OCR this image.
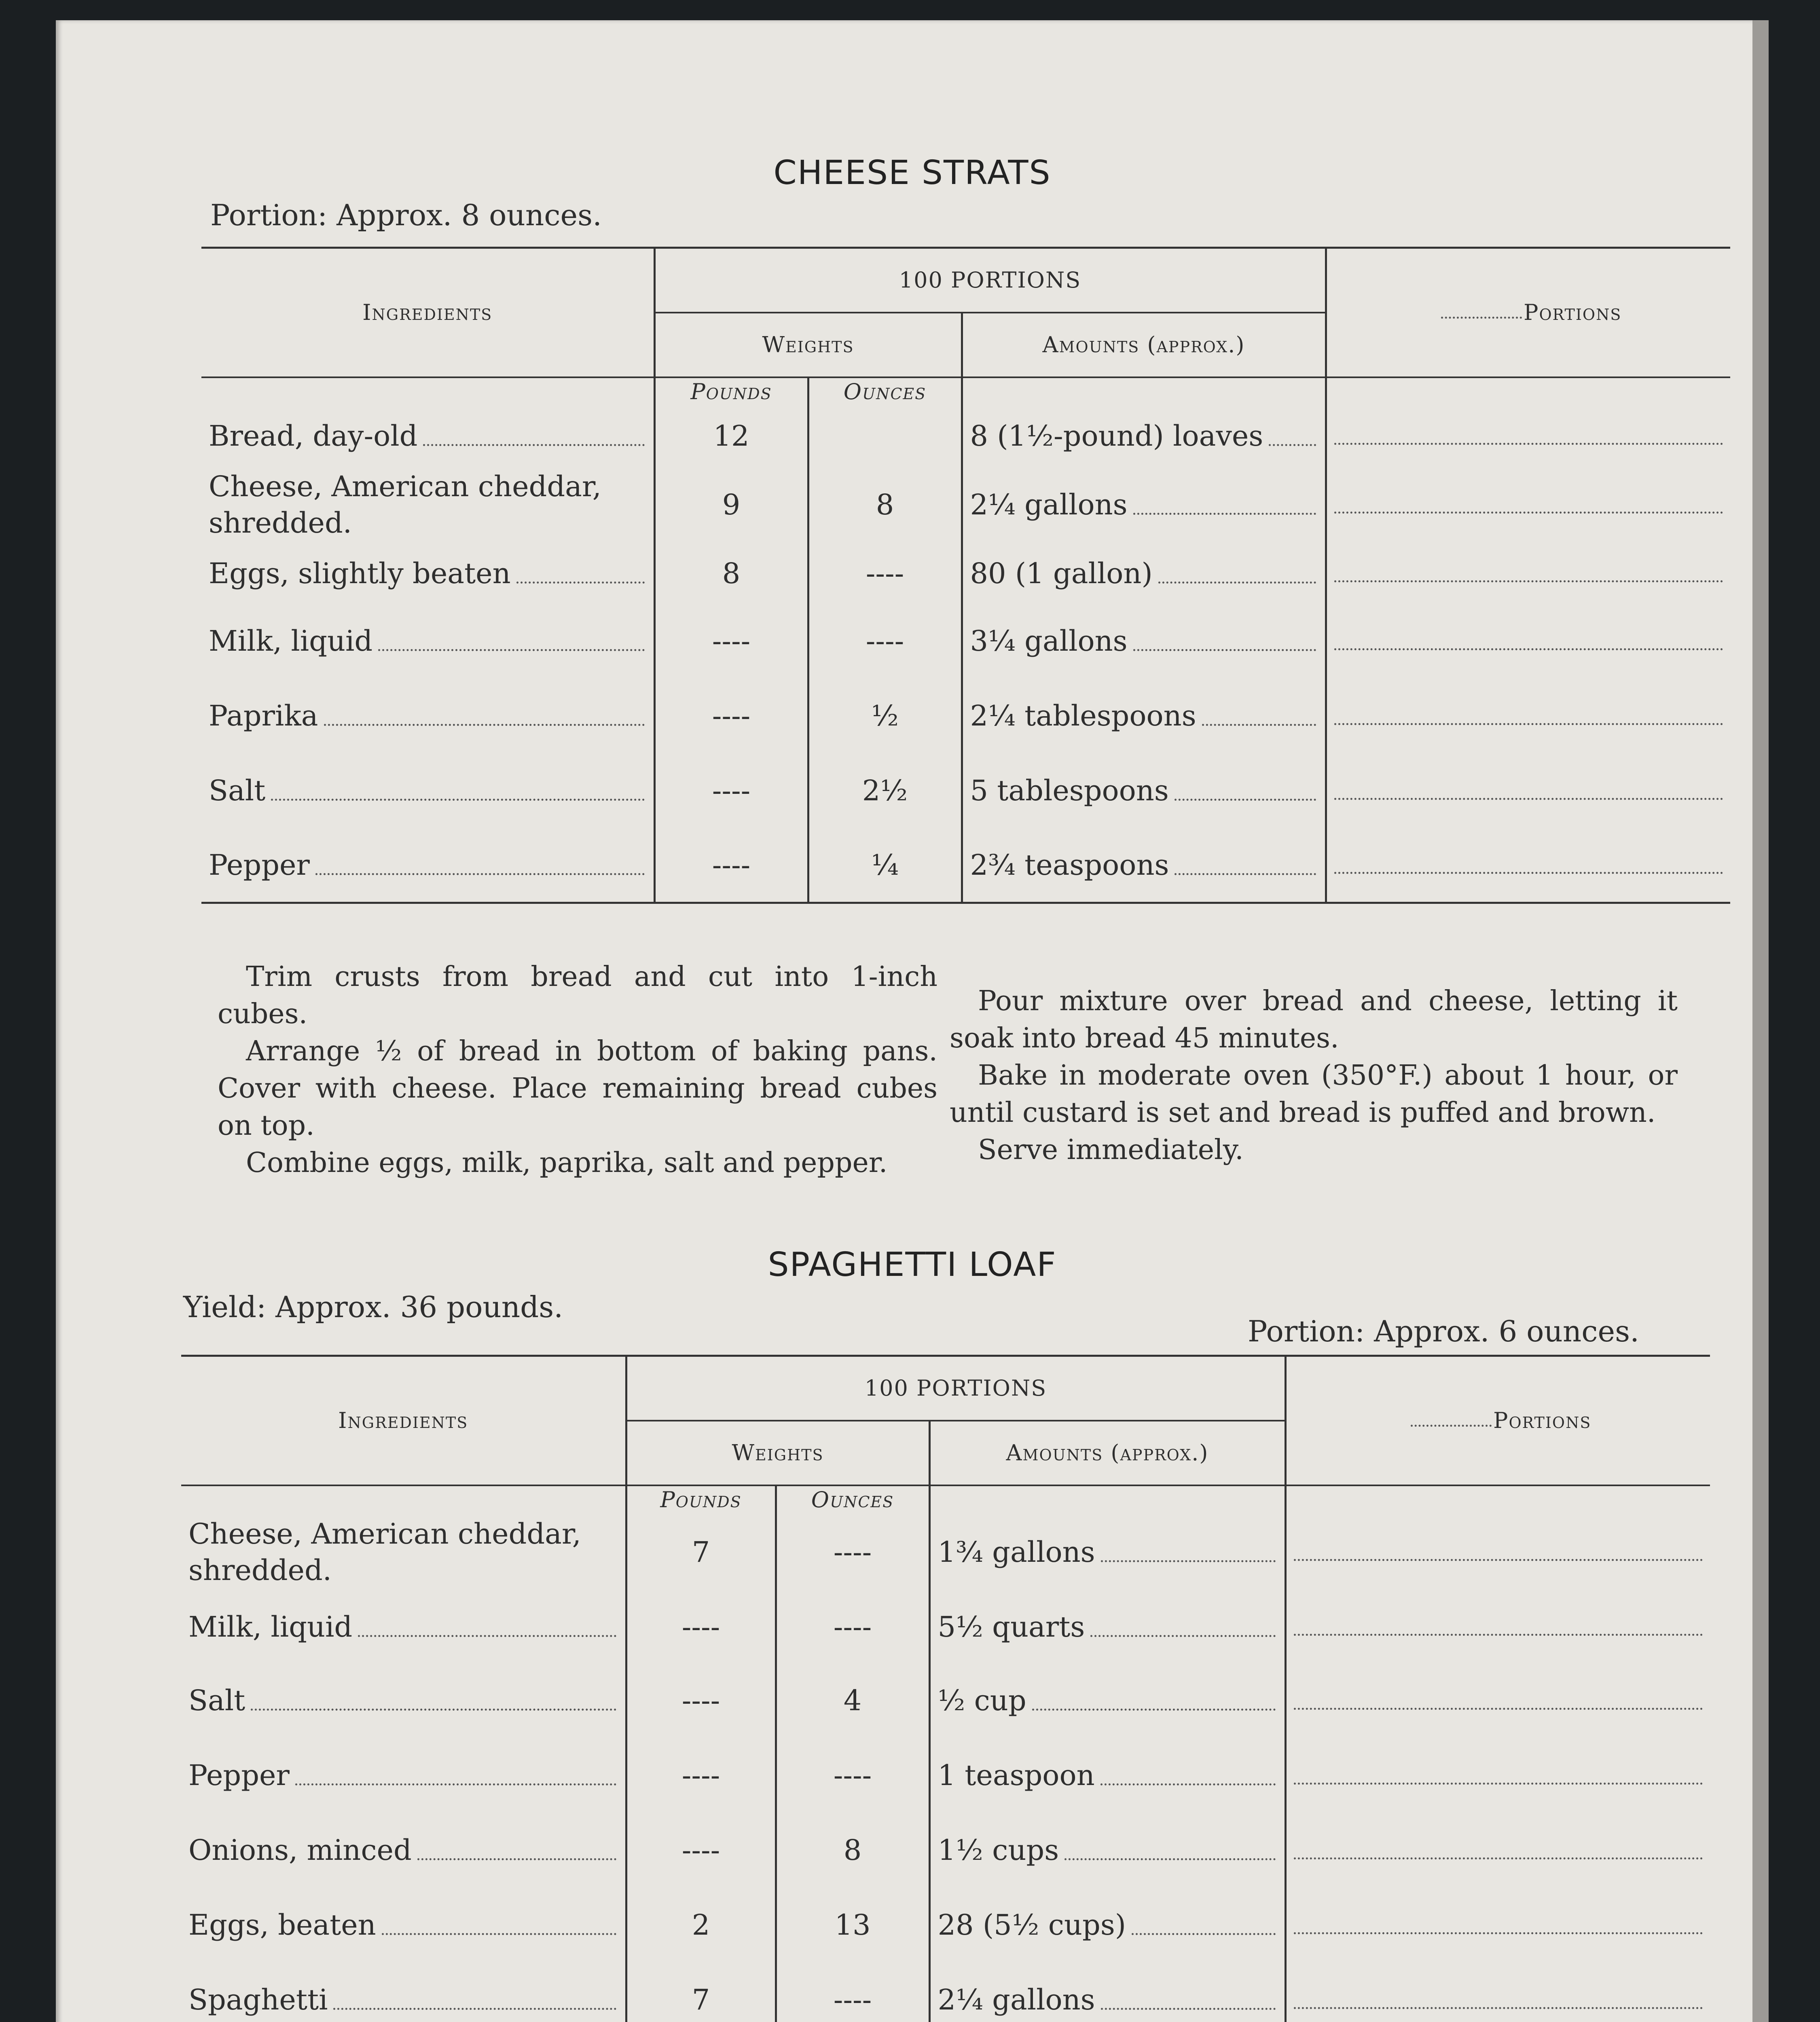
CHEESE STRATS
Portion: Approx. 8 ounces.
Ingredients	100 PORTIONS			Portions

	Weights		Amounts (approx.)	
	Pounds	Ounces		

Bread, day-old	12		8 (1½-pound) loaves	

Cheese, American cheddar, shredded.	9	8	2¼ gallons	

Eggs, slightly beaten	8	----	80 (1 gallon)	

Milk, liquid	----	----	3¼ gallons	

Paprika	----	½	2¼ tablespoons	

Salt	----	2½	5 tablespoons	

Pepper	----	¼	2¾ teaspoons	

Trim crusts from bread and cut into 1-inch cubes.

Arrange ½ of bread in bottom of baking pans. Cover with cheese. Place remaining bread cubes on top.

Combine eggs, milk, paprika, salt and pepper.

Pour mixture over bread and cheese, letting it soak into bread 45 minutes.

Bake in moderate oven (350°F.) about 1 hour, or until custard is set and bread is puffed and brown.

Serve immediately.

SPAGHETTI LOAF
Yield: Approx. 36 pounds.
Portion: Approx. 6 ounces.
Ingredients	100 PORTIONS			Portions

	Weights		Amounts (approx.)	
	Pounds	Ounces		
Cheese, American cheddar, shredded.	7	----	1¾ gallons	

Milk, liquid	----	----	5½ quarts	

Salt	----	4	½ cup	

Pepper	----	----	1 teaspoon	

Onions, minced	----	8	1½ cups	

Eggs, beaten	2	13	28 (5½ cups)	

Spaghetti	7	----	2¼ gallons	
